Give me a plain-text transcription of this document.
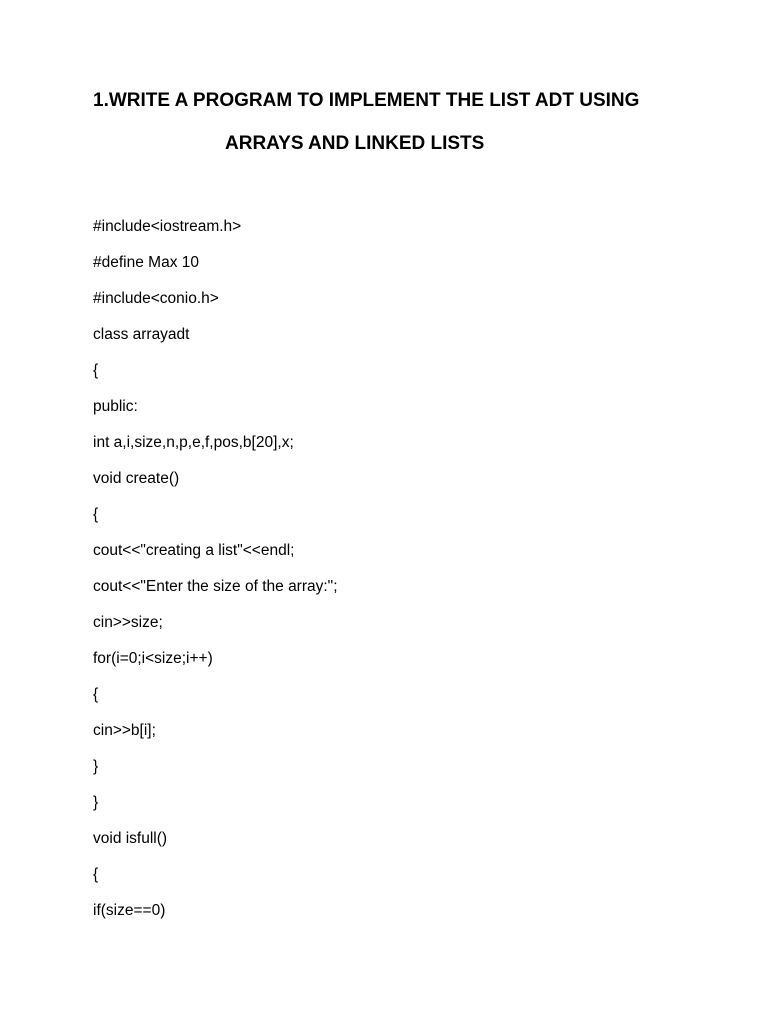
1.WRITE A PROGRAM TO IMPLEMENT THE LIST ADT USING
ARRAYS AND LINKED LISTS
#include<iostream.h>
#define Max 10
#include<conio.h>
class arrayadt
{
public:
int a,i,size,n,p,e,f,pos,b[20],x;
void create()
{
cout<<"creating a list"<<endl;
cout<<"Enter the size of the array:";
cin>>size;
for(i=0;i<size;i++)
{
cin>>b[i];
}
}
void isfull()
{
if(size==0)
